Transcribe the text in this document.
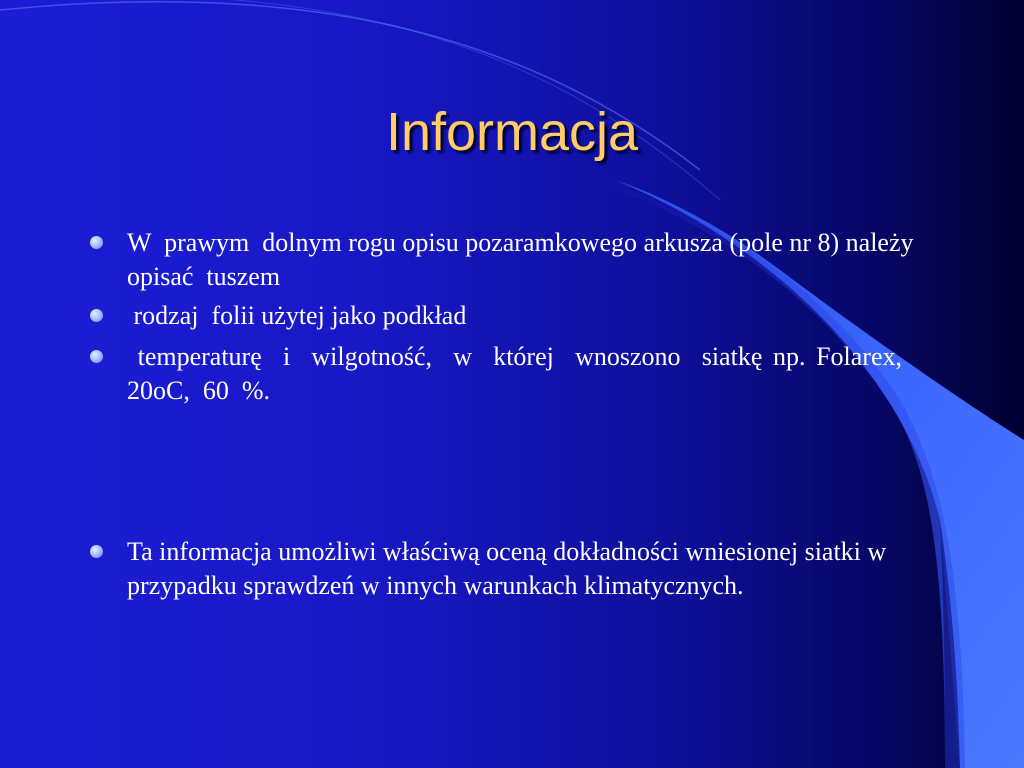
Informacja
W  prawym  dolnym rogu opisu pozaramkowego arkusza (pole nr 8) należy  opisać  tuszem
rodzaj  folii użytej jako podkład
temperaturę  i  wilgotność,  w  której  wnoszono  siatkę np. Folarex,  20oC,  60  %.
Ta informacja umożliwi właściwą oceną dokładności wniesionej siatki w przypadku sprawdzeń w innych warunkach klimatycznych.
